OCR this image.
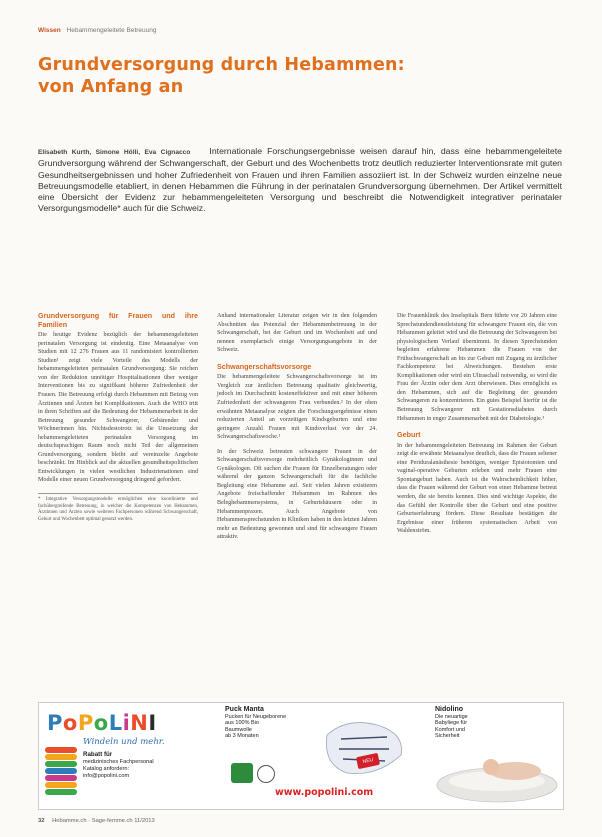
Wissen Hebammengeleitete Betreuung
Grundversorgung durch Hebammen:
von Anfang an
Elisabeth Kurth, Simone Hölli, Eva Cignacco Internationale Forschungsergebnisse weisen darauf hin, dass eine hebammengeleitete Grundversorgung während der Schwangerschaft, der Geburt und des Wochenbetts trotz deutlich reduzierter Interventionsrate mit guten Gesundheitsergebnissen und hoher Zufriedenheit von Frauen und ihren Familien assoziiert ist. In der Schweiz wurden einzelne neue Betreuungsmodelle etabliert, in denen Hebammen die Führung in der perinatalen Grundversorgung übernehmen. Der Artikel vermittelt eine Übersicht der Evidenz zur hebammengeleiteten Versorgung und beschreibt die Notwendigkeit integrativer perinataler Versorgungsmodelle* auch für die Schweiz.
Grundversorgung für Frauen und ihre Familien

Die heutige Evidenz bezüglich der hebammengeleiteten perinatalen Versorgung ist eindeutig. Eine Metaanalyse von Studien mit 12 276 Frauen aus 11 randomisiert kontrollierten Studien¹ zeigt viele Vorteile des Modells der hebammengeleiteten perinatalen Grundversorgung: Sie reichen von der Reduktion unnötiger Hospitalisationen über weniger Interventionen bis zu signifikant höherer Zufriedenheit der Frauen. Die Betreuung erfolgt durch Hebammen mit Beizug von Ärztinnen und Ärzten bei Komplikationen. Auch die WHO tritt in ihren Schriften auf die Bedeutung der Hebammenarbeit in der Betreuung gesunder Schwangerer, Gebärender und Wöchnerinnen hin. Nichtsdestotrotz ist die Umsetzung der hebammengeleiteten perinatalen Versorgung im deutschsprachigen Raum noch nicht Teil der allgemeinen Grundversorgung, sondern bleibt auf vereinzelte Angebote beschränkt. Im Hinblick auf die aktuellen gesundheitspolitischen Entwicklungen in vielen westlichen Industrienationen sind Modelle einer neuen Grundversorgung dringend gefordert.

* Integrative Versorgungsmodelle ermöglichen eine koordinierte und fachübergreifende Betreuung, in welcher die Kompetenzen von Hebammen, Ärztinnen und Ärzten sowie weiteren Fachpersonen während Schwangerschaft, Geburt und Wochenbett optimal genutzt werden.

Anhand internationaler Literatur zeigen wir in den folgenden Abschnitten das Potenzial der Hebammenbetreuung in der Schwangerschaft, bei der Geburt und im Wochenbett auf und nennen exemplarisch einige Versorgungsangebote in der Schweiz.

Schwangerschaftsvorsorge

Die hebammengeleitete Schwangerschaftsvorsorge ist im Vergleich zur ärztlichen Betreuung qualitativ gleichwertig, jedoch im Durchschnitt kosteneffektiver und mit einer höheren Zufriedenheit der schwangeren Frau verbunden.² In der oben erwähnten Metaanalyse zeigten die Forschungsergebnisse einen reduzierten Anteil an vorzeitigen Kindsgeburten und eine geringere Anzahl Frauen mit Kindsverlust vor der 24. Schwangerschaftswoche.¹

In der Schweiz betreuten schwangere Frauen in der Schwangerschaftsvorsorge mehrheitlich Gynäkologinnen und Gynäkologen. Oft suchen die Frauen für Einzelberatungen oder während der ganzen Schwangerschaft für die fachliche Begleitung eine Hebamme auf. Seit vielen Jahren existieren Angebote freischaffender Hebammen im Rahmen des Beleghebammensystems, in Geburtshäusern oder in Hebammenpraxen. Auch Angebote von Hebammensprechstunden in Kliniken haben in den letzten Jahren mehr an Bedeutung gewonnen und sind für schwangere Frauen attraktiv.

Die Frauenklinik des Inselspitals Bern führte vor 20 Jahren eine Sprechstundendienstleistung für schwangere Frauen ein, die von Hebammen geleitet wird und die Betreuung der Schwangeren bei physiologischem Verlauf übernimmt. In diesen Sprechstunden begleiten erfahrene Hebammen die Frauen von der Frühschwangerschaft an bis zur Geburt mit Zugang zu ärztlicher Fachkompetenz bei Abweichungen. Bestehen erste Komplikationen oder wird ein Ultraschall notwendig, so wird die Frau der Ärztin oder dem Arzt überwiesen. Dies ermöglicht es den Hebammen, sich auf die Begleitung der gesunden Schwangeren zu konzentrieren. Ein gutes Beispiel hierfür ist die Betreuung Schwangerer mit Gestationsdiabetes durch Hebammen in enger Zusammenarbeit mit der Diabetologie.³

Geburt

In der hebammengeleiteten Betreuung im Rahmen der Geburt zeigt die erwähnte Metaanalyse deutlich, dass die Frauen seltener eine Periduralanästhesie benötigen, weniger Episiotomien und vaginal-operative Geburten erleben und mehr Frauen eine Spontangeburt haben. Auch ist die Wahrscheinlichkeit höher, dass die Frauen während der Geburt von einer Hebamme betreut werden, die sie bereits kennen. Dies sind wichtige Aspekte, die das Gefühl der Kontrolle über die Geburt und eine positive Geburtserfahrung fördern. Diese Resultate bestätigen die Ergebnisse einer früheren systematischen Arbeit von Waldenström.

PoPoLiNI
Windeln und mehr.
Rabatt für
medizinisches Fachpersonal
Katalog anfordern:
info@popolini.com
Puck Manta
Pucken für Neugeborene
aus 100% Bio
Baumwolle
ab 3 Monaten
NEU
Nidolino
Die neuartige
Babyliege für
Komfort und
Sicherheit
www.popolini.com
32 Hebamme.ch · Sage-femme.ch 11/2013
